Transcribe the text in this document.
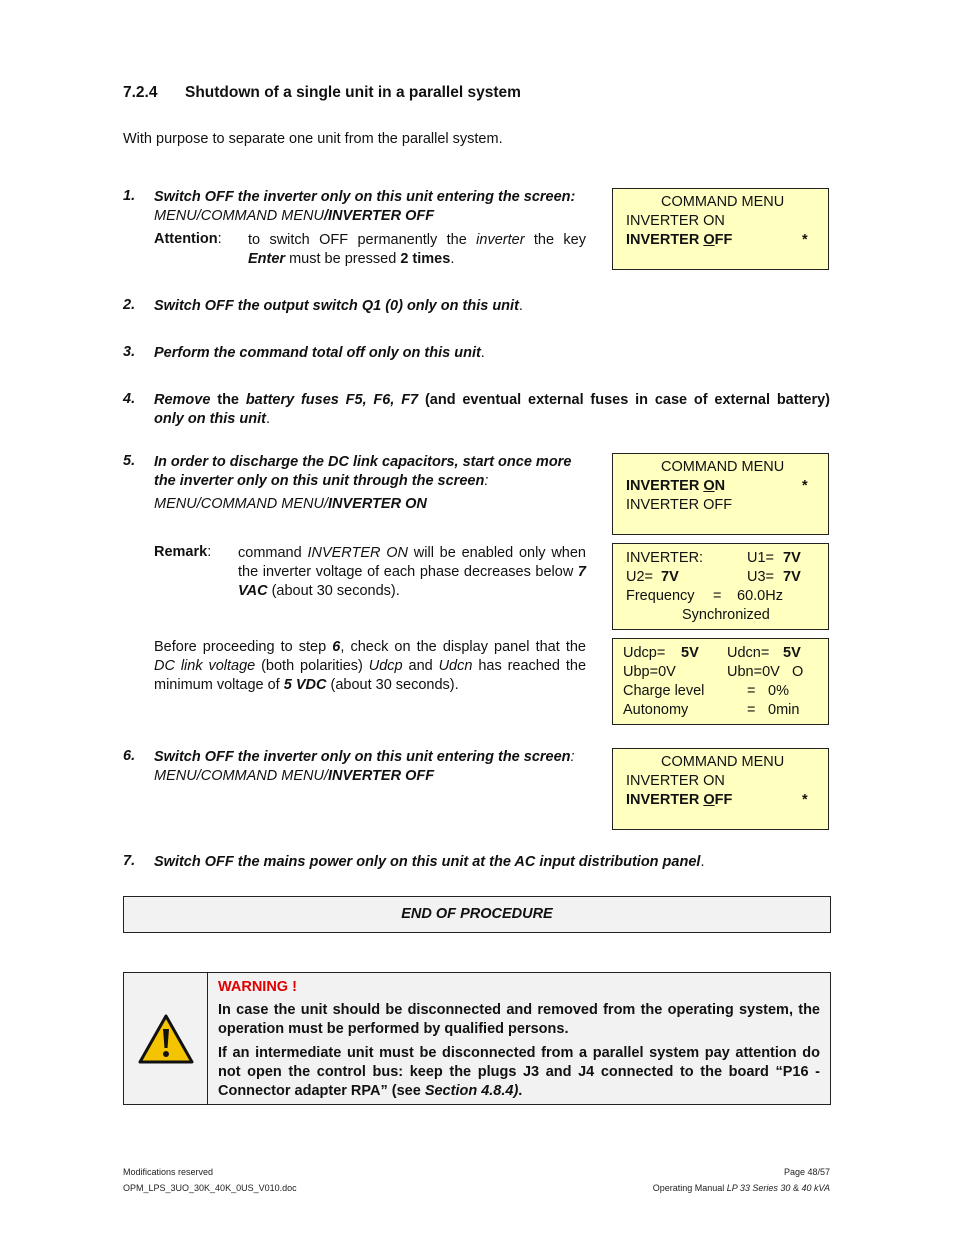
7.2.4 Shutdown of a single unit in a parallel system
With purpose to separate one unit from the parallel system.
1. Switch OFF the inverter only on this unit entering the screen:
MENU/COMMAND MENU/INVERTER OFF
Attention: to switch OFF permanently the inverter the key Enter must be pressed 2 times.
COMMAND MENU
INVERTER ON
INVERTER OFF	*
2. Switch OFF the output switch Q1 (0) only on this unit.
3. Perform the command total off only on this unit.
4. Remove the battery fuses F5, F6, F7 (and eventual external fuses in case of external battery)
only on this unit.
5. In order to discharge the DC link capacitors, start once more
the inverter only on this unit through the screen:
MENU/COMMAND MENU/INVERTER ON
Remark: command INVERTER ON will be enabled only when the inverter voltage of each phase decreases below 7 VAC (about 30 seconds).
Before proceeding to step 6, check on the display panel that the DC link voltage (both polarities) Udcp and Udcn has reached the minimum voltage of 5 VDC (about 30 seconds).
COMMAND MENU
INVERTER ON	*
INVERTER OFF
INVERTER:	U1= 7V
U2= 7V	U3= 7V
Frequency = 60.0Hz
Synchronized
Udcp= 5V Udcn= 5V
Ubp=0V	Ubn=0V O
Charge level	= 0%
Autonomy	= 0min
6. Switch OFF the inverter only on this unit entering the screen:
MENU/COMMAND MENU/INVERTER OFF
COMMAND MENU
INVERTER ON
INVERTER OFF	*
7. Switch OFF the mains power only on this unit at the AC input distribution panel.
END OF PROCEDURE
WARNING !
In case the unit should be disconnected and removed from the operating system, the operation must be performed by qualified persons.
If an intermediate unit must be disconnected from a parallel system pay attention do not open the control bus: keep the plugs J3 and J4 connected to the board “P16 - Connector adapter RPA” (see Section 4.8.4).
Modifications reserved
OPM_LPS_3UO_30K_40K_0US_V010.doc
Page 48/57
Operating Manual LP 33 Series 30 & 40 kVA
